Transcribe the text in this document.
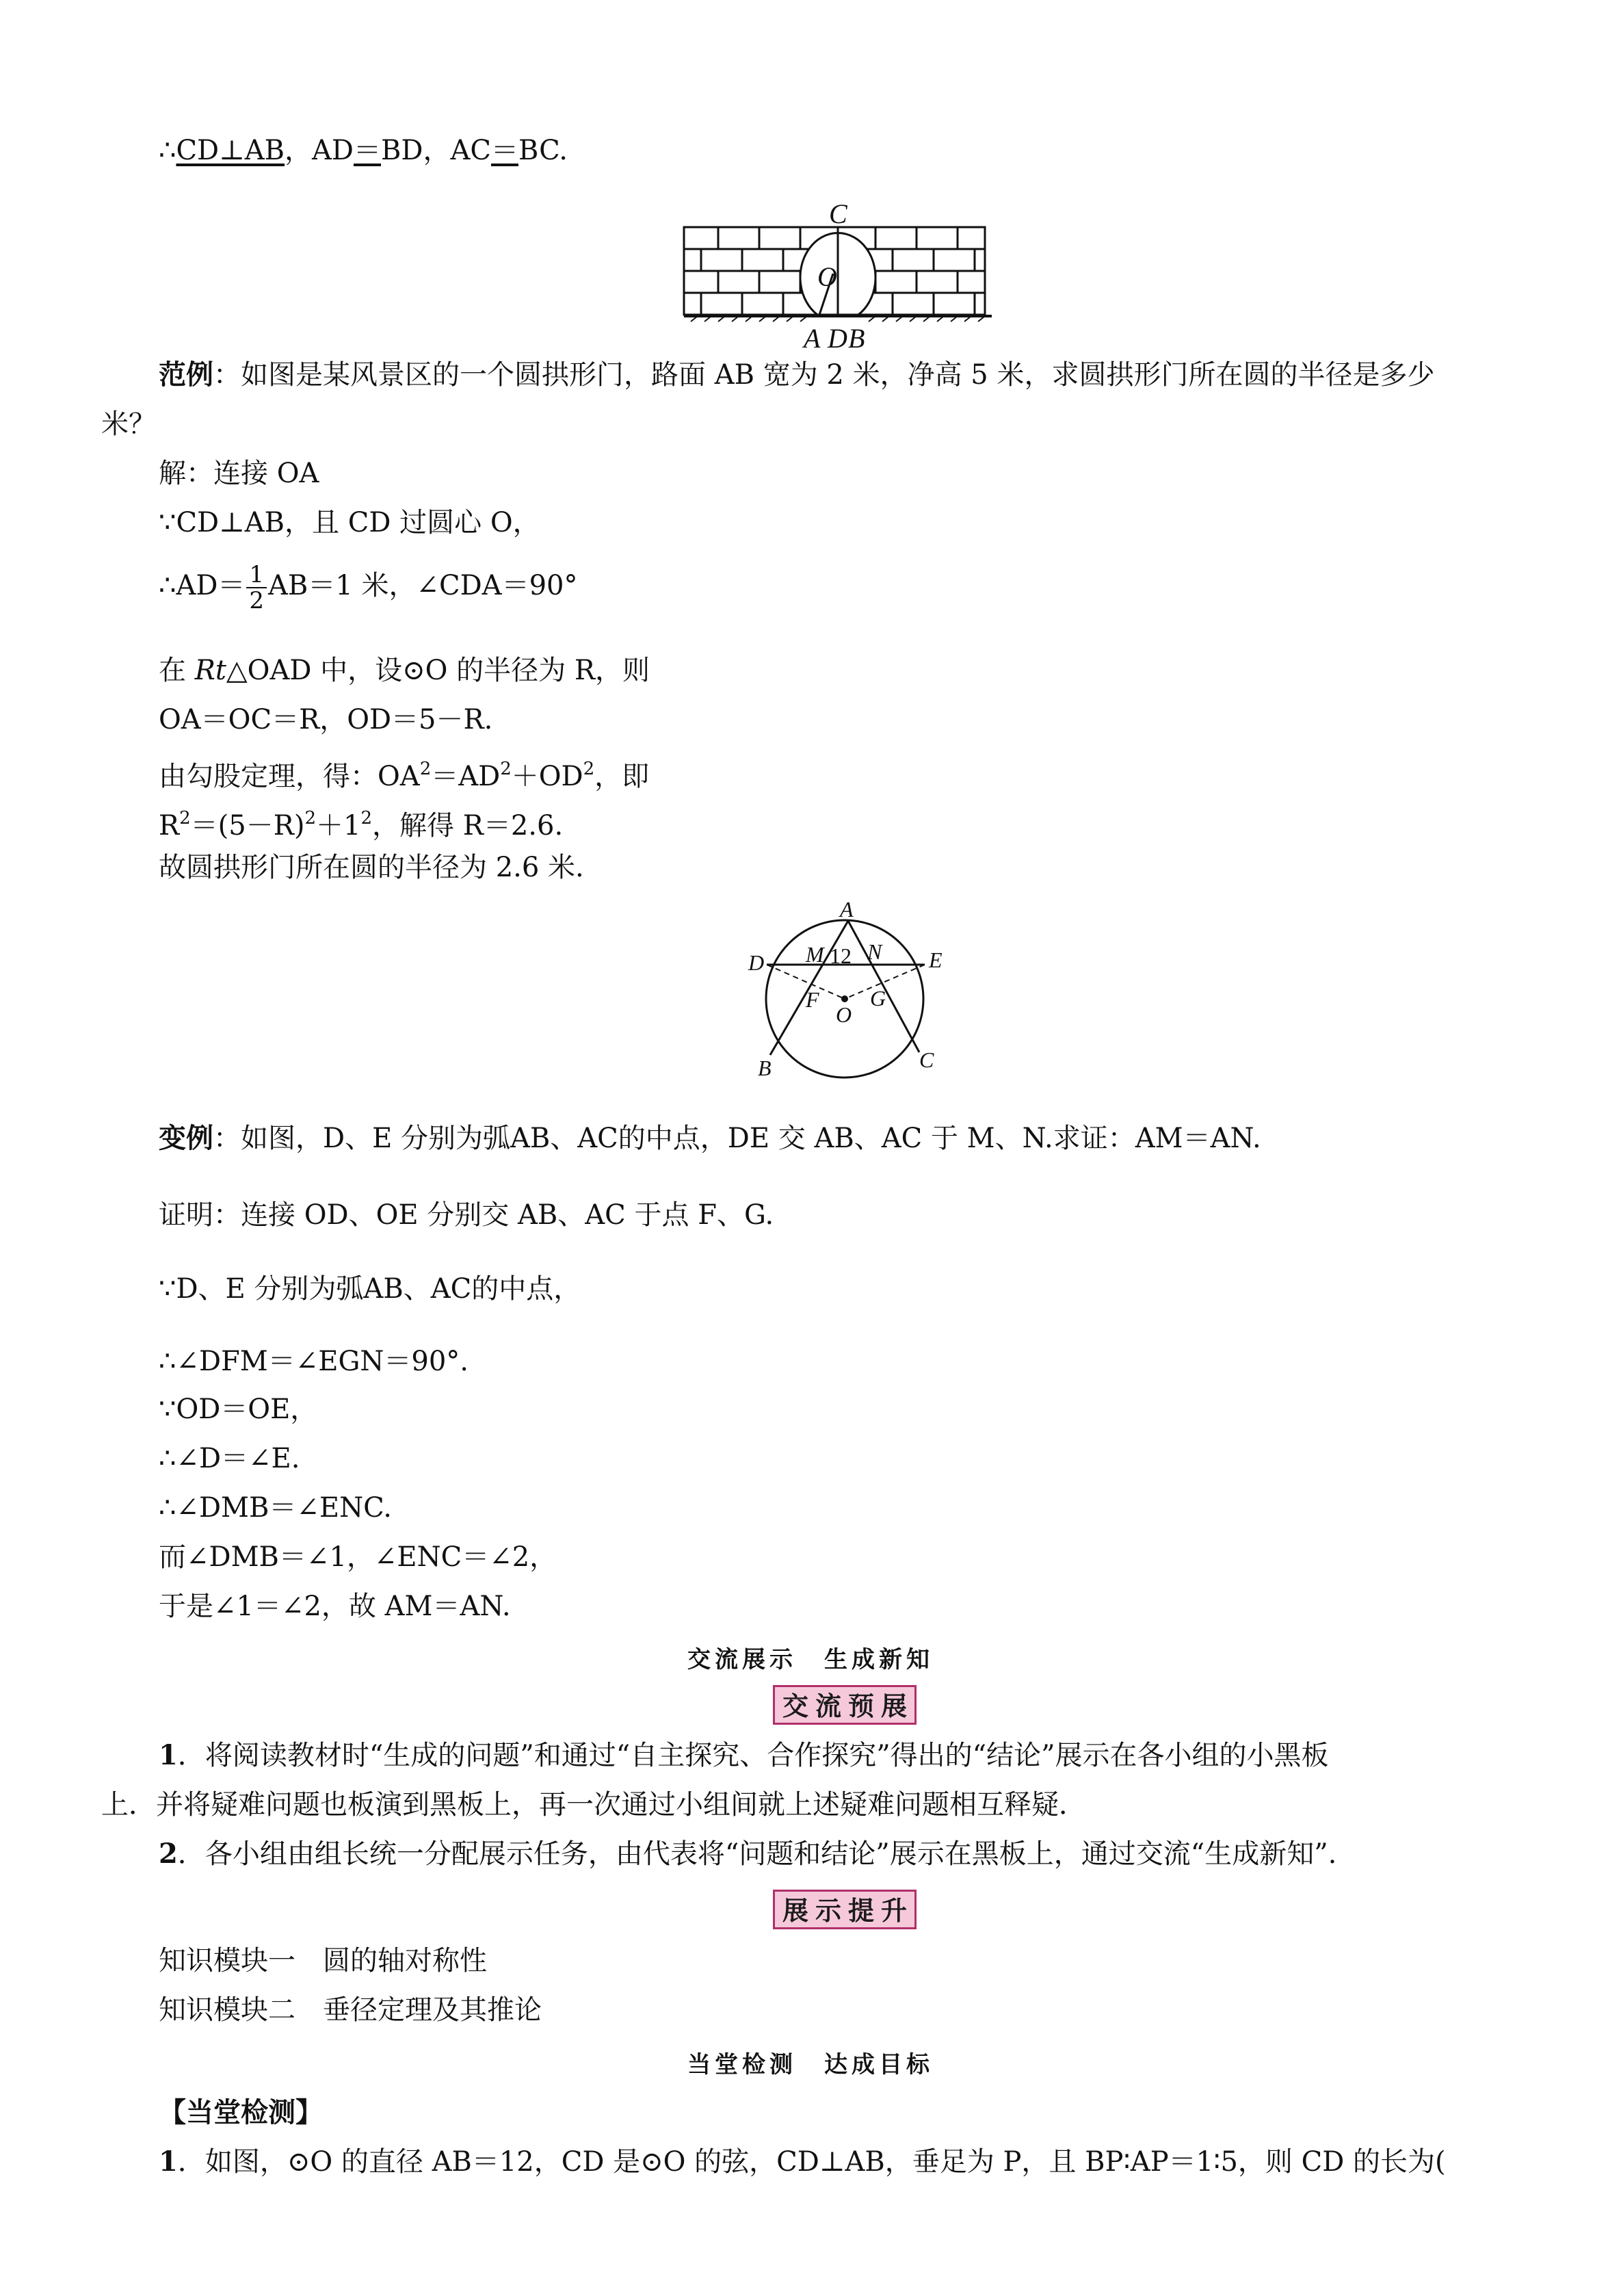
∴CD⊥AB，AD＝BD，AC＝BC.
C
O
A D B
范例：如图是某风景区的一个圆拱形门，路面 AB 宽为 2 米，净高 5 米，求圆拱形门所在圆的半径是多少
米？
解：连接 OA
∵CD⊥AB，且 CD 过圆心 O，
∴AD＝ $\frac{1}{2} AB=1$ 米，∠CDA＝90°
在 Rt△OAD 中，设⊙O 的半径为 R，则
OA＝OC＝R，OD＝5－R.
由勾股定理，得：$OA^2=AD^2+OD^2$，即
$R^2=(5-R)^2+1^2$，解得 R＝2.6.
故圆拱形门所在圆的半径为 2.6 米.
A
M 12 N
D	E
F G
O
B	C
变例：如图，D、E 分别为弧AB、AC的中点，DE 交 AB、AC 于 M、N.求证：AM＝AN.
证明：连接 OD、OE 分别交 AB、AC 于点 F、G.
∵D、E 分别为弧AB、AC的中点，
∴∠DFM＝∠EGN＝90°.
∵OD＝OE，
∴∠D＝∠E.
∴∠DMB＝∠ENC.
而∠DMB＝∠1，∠ENC＝∠2，
于是∠1＝∠2，故 AM＝AN.
交流展示　生成新知
交流预展
1．将阅读教材时“生成的问题”和通过“自主探究、合作探究”得出的“结论”展示在各小组的小黑板
上．并将疑难问题也板演到黑板上，再一次通过小组间就上述疑难问题相互释疑．
2．各小组由组长统一分配展示任务，由代表将“问题和结论”展示在黑板上，通过交流“生成新知”.
展示提升
知识模块一　圆的轴对称性
知识模块二　垂径定理及其推论
当堂检测　达成目标
【当堂检测】
1．如图，⊙O 的直径 AB＝12，CD 是⊙O 的弦，CD⊥AB，垂足为 P，且 BP∶AP＝1∶5，则 CD 的长为(
